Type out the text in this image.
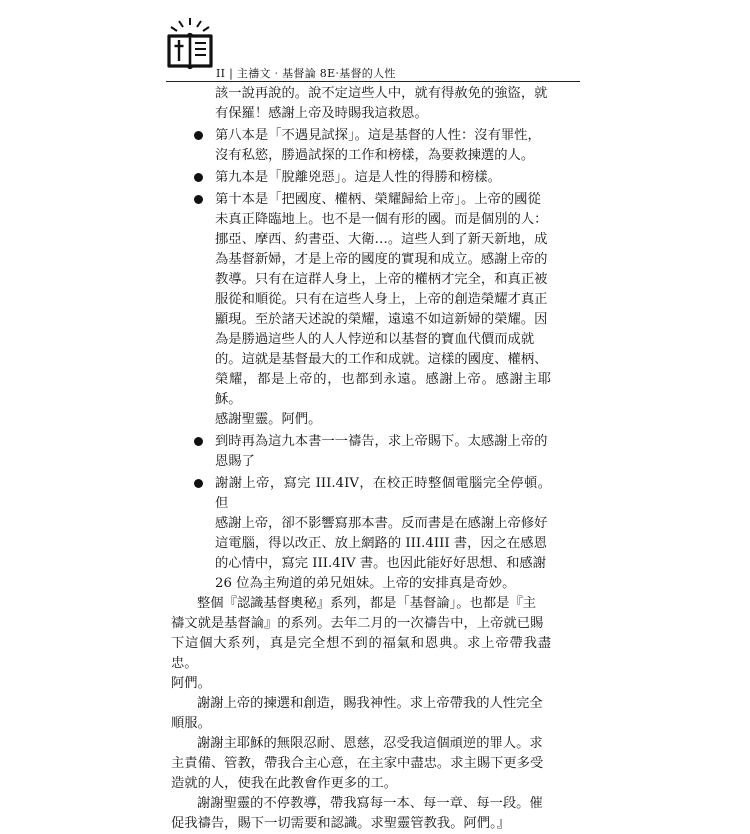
II | 主禱文‧基督論 8E‧基督的人性

該一說再說的。說不定這些人中，就有得赦免的強盜，就

有保羅！感謝上帝及時賜我這救恩。

第八本是「不遇見試探」。這是基督的人性：沒有罪性，

沒有私慾，勝過試探的工作和榜樣，為要救揀選的人。

第九本是「脫離兇惡」。這是人性的得勝和榜樣。

第十本是「把國度、權柄、榮耀歸給上帝」。上帝的國從

未真正降臨地上。也不是一個有形的國。而是個別的人：

挪亞、摩西、約書亞、大衛…。這些人到了新天新地，成

為基督新婦，才是上帝的國度的實現和成立。感謝上帝的

教導。只有在這群人身上，上帝的權柄才完全，和真正被

服從和順從。只有在這些人身上，上帝的創造榮耀才真正

顯現。至於諸天述說的榮耀，遠遠不如這新婦的榮耀。因

為是勝過這些人的人人悖逆和以基督的寶血代價而成就

的。這就是基督最大的工作和成就。這樣的國度、權柄、

榮耀，都是上帝的，也都到永遠。感謝上帝。感謝主耶穌。

感謝聖靈。阿們。

到時再為這九本書一一禱告，求上帝賜下。太感謝上帝的

恩賜了

謝謝上帝，寫完 III.4IV，在校正時整個電腦完全停頓。但

感謝上帝，卻不影響寫那本書。反而書是在感謝上帝修好

這電腦，得以改正、放上網路的 III.4III 書，因之在感恩

的心情中，寫完 III.4IV 書。也因此能好好思想、和感謝

26 位為主殉道的弟兄姐妹。上帝的安排真是奇妙。

整個『認識基督奧秘』系列，都是「基督論」。也都是『主

禱文就是基督論』的系列。去年二月的一次禱告中，上帝就已賜

下這個大系列，真是完全想不到的福氣和恩典。求上帝帶我盡忠。

阿們。

謝謝上帝的揀選和創造，賜我神性。求上帝帶我的人性完全

順服。

謝謝主耶穌的無限忍耐、恩慈，忍受我這個頑逆的罪人。求

主責備、管教，帶我合主心意，在主家中盡忠。求主賜下更多受

造就的人，使我在此教會作更多的工。

謝謝聖靈的不停教導，帶我寫每一本、每一章、每一段。催

促我禱告，賜下一切需要和認識。求聖靈管教我。阿們。』
